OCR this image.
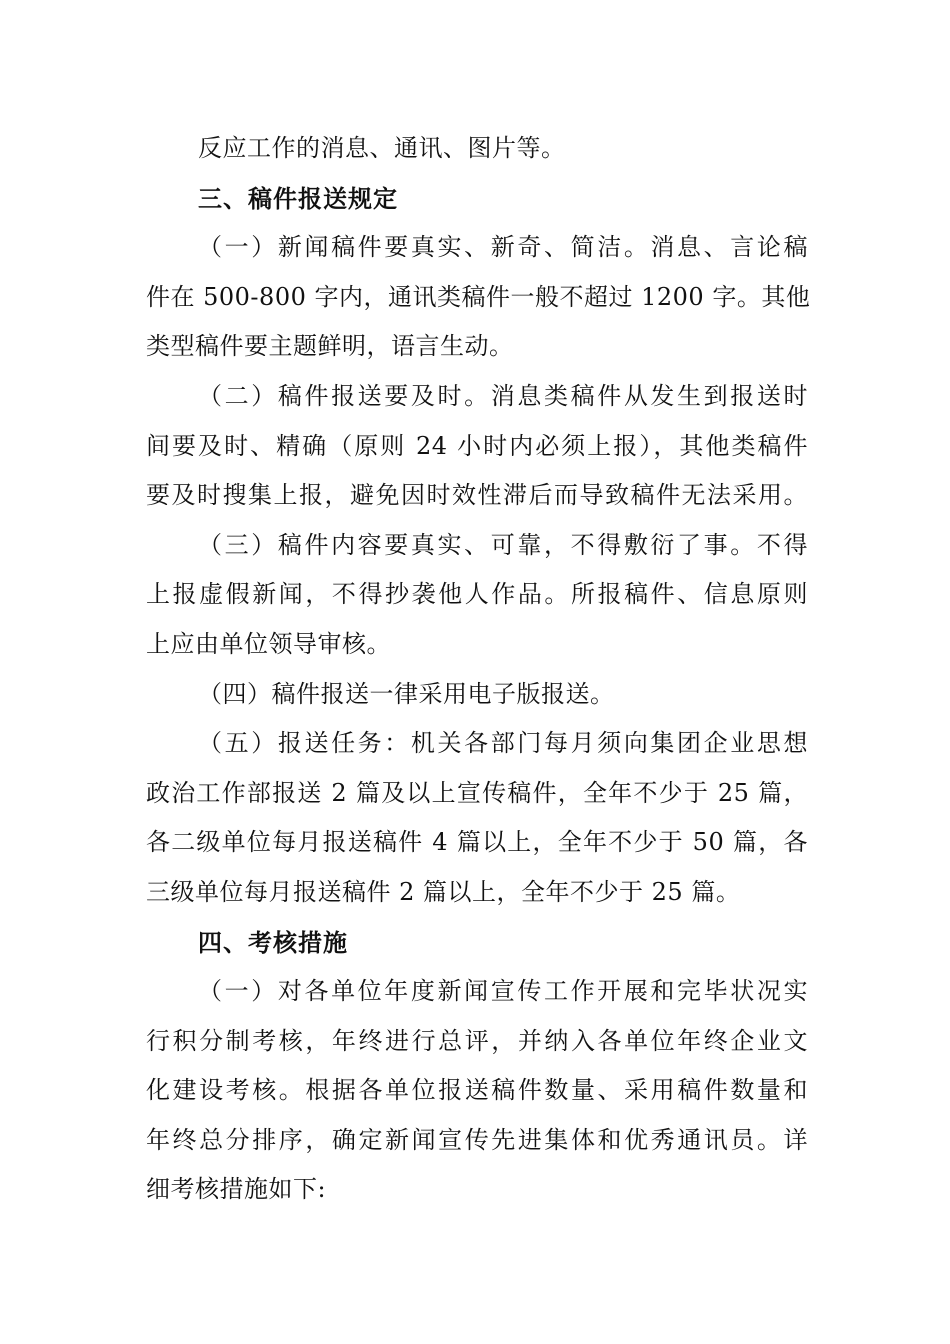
反应工作的消息、通讯、图片等。
三、稿件报送规定
（一）新闻稿件要真实、新奇、简洁。消息、言论稿
件在 500-800 字内，通讯类稿件一般不超过 1200 字。其他
类型稿件要主题鲜明，语言生动。
（二）稿件报送要及时。消息类稿件从发生到报送时
间要及时、精确（原则 24 小时内必须上报），其他类稿件
要及时搜集上报，避免因时效性滞后而导致稿件无法采用。
（三）稿件内容要真实、可靠，不得敷衍了事。不得
上报虚假新闻，不得抄袭他人作品。所报稿件、信息原则
上应由单位领导审核。
（四）稿件报送一律采用电子版报送。
（五）报送任务：机关各部门每月须向集团企业思想
政治工作部报送 2 篇及以上宣传稿件，全年不少于 25 篇，
各二级单位每月报送稿件 4 篇以上，全年不少于 50 篇，各
三级单位每月报送稿件 2 篇以上，全年不少于 25 篇。
四、考核措施
（一）对各单位年度新闻宣传工作开展和完毕状况实
行积分制考核，年终进行总评，并纳入各单位年终企业文
化建设考核。根据各单位报送稿件数量、采用稿件数量和
年终总分排序，确定新闻宣传先进集体和优秀通讯员。详
细考核措施如下:
